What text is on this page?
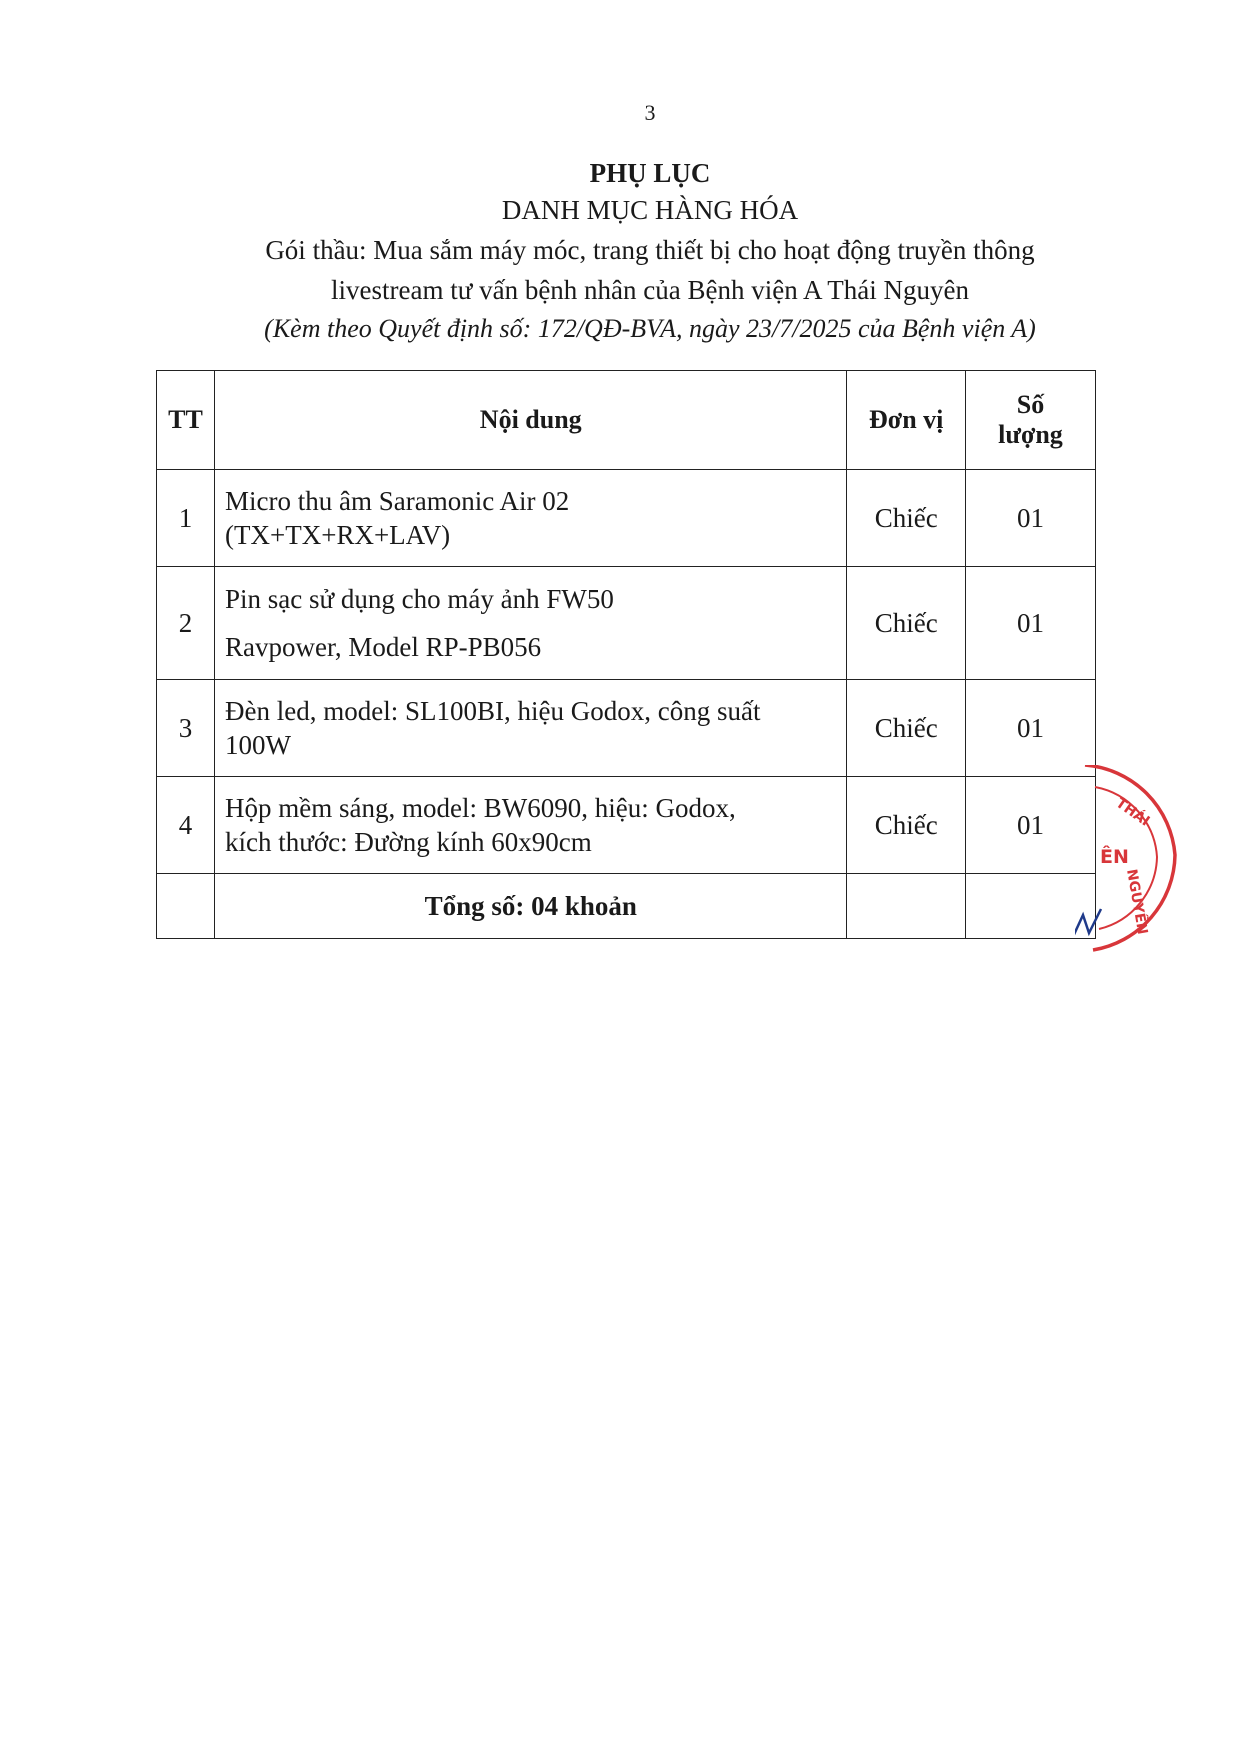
3
PHỤ LỤC
DANH MỤC HÀNG HÓA
Gói thầu: Mua sắm máy móc, trang thiết bị cho hoạt động truyền thông
livestream tư vấn bệnh nhân của Bệnh viện A Thái Nguyên
(Kèm theo Quyết định số: 172/QĐ-BVA, ngày 23/7/2025 của Bệnh viện A)
TT	Nội dung	Đơn vị	Số
lượng

1	Micro thu âm Saramonic Air 02
(TX+TX+RX+LAV)	Chiếc	01
2	Pin sạc sử dụng cho máy ảnh FW50
Ravpower, Model RP-PB056	Chiếc	01
3	Đèn led, model: SL100BI, hiệu Godox, công suất
100W	Chiếc	01
4	Hộp mềm sáng, model: BW6090, hiệu: Godox,
kích thước: Đường kính 60x90cm	Chiếc	01
	Tổng số: 04 khoản		
THÁI
NGUYÊN
ÊN
